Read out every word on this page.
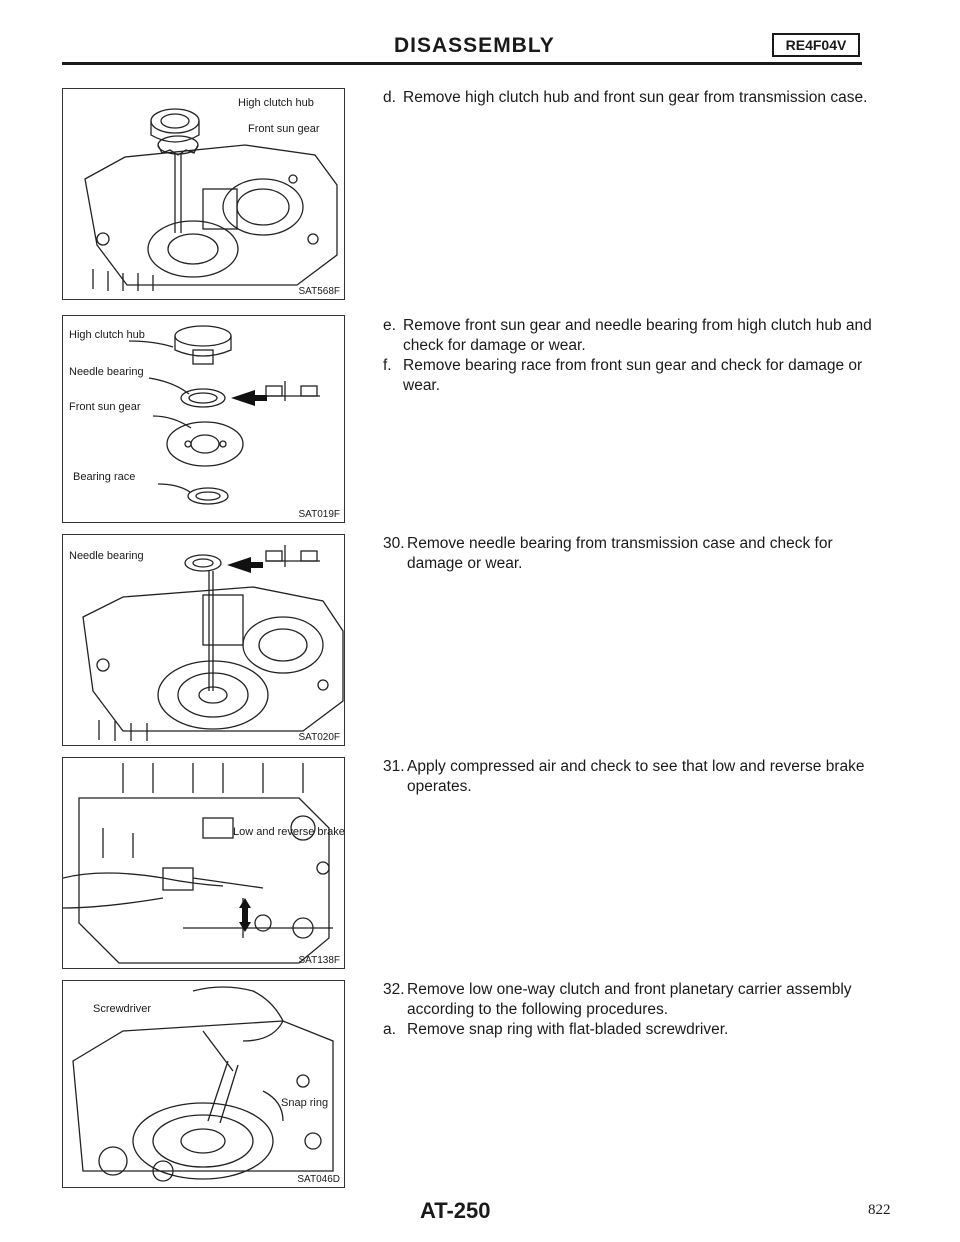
DISASSEMBLY	RE4F04V
High clutch hub
Front sun gear
SAT568F
High clutch hub
Needle bearing
Front sun gear
Bearing race
SAT019F
Needle bearing
SAT020F
Low and reverse brake
SAT138F
Screwdriver
Snap ring
SAT046D
d. Remove high clutch hub and front sun gear from transmission case.
e. Remove front sun gear and needle bearing from high clutch hub and check for damage or wear.
f. Remove bearing race from front sun gear and check for damage or wear.
30. Remove needle bearing from transmission case and check for damage or wear.
31. Apply compressed air and check to see that low and reverse brake operates.
32. Remove low one-way clutch and front planetary carrier assembly according to the following procedures.
a. Remove snap ring with flat-bladed screwdriver.
AT-250	822
